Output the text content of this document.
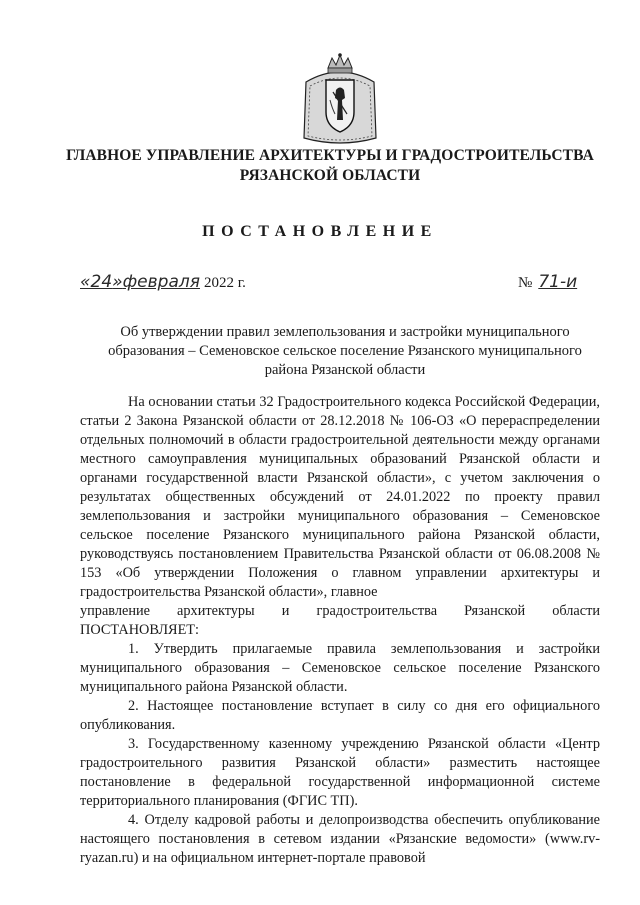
ГЛАВНОЕ УПРАВЛЕНИЕ АРХИТЕКТУРЫ И ГРАДОСТРОИТЕЛЬСТВА РЯЗАНСКОЙ ОБЛАСТИ
ПОСТАНОВЛЕНИЕ
« 24 » февраля 2022 г.	№ 71-и
Об утверждении правил землепользования и застройки муниципального образования – Семеновское сельское поселение Рязанского муниципального района Рязанской области

На основании статьи 32 Градостроительного кодекса Российской Федерации, статьи 2 Закона Рязанской области от 28.12.2018 № 106-ОЗ «О перераспределении отдельных полномочий в области градостроительной деятельности между органами местного самоуправления муниципальных образований Рязанской области и органами государственной власти Рязанской области», с учетом заключения о результатах общественных обсуждений от 24.01.2022 по проекту правил землепользования и застройки муниципального образования – Семеновское сельское поселение Рязанского муниципального района Рязанской области, руководствуясь постановлением Правительства Рязанской области от 06.08.2008 № 153 «Об утверждении Положения о главном управлении архитектуры и градостроительства Рязанской области», главное

управление архитектуры и градостроительства Рязанской области

ПОСТАНОВЛЯЕТ:

1. Утвердить прилагаемые правила землепользования и застройки муниципального образования – Семеновское сельское поселение Рязанского муниципального района Рязанской области.

2. Настоящее постановление вступает в силу со дня его официального опубликования.

3. Государственному казенному учреждению Рязанской области «Центр градостроительного развития Рязанской области» разместить настоящее постановление в федеральной государственной информационной системе территориального планирования (ФГИС ТП).

4. Отделу кадровой работы и делопроизводства обеспечить опубликование настоящего постановления в сетевом издании «Рязанские ведомости» (www.rv-ryazan.ru) и на официальном интернет-портале правовой
